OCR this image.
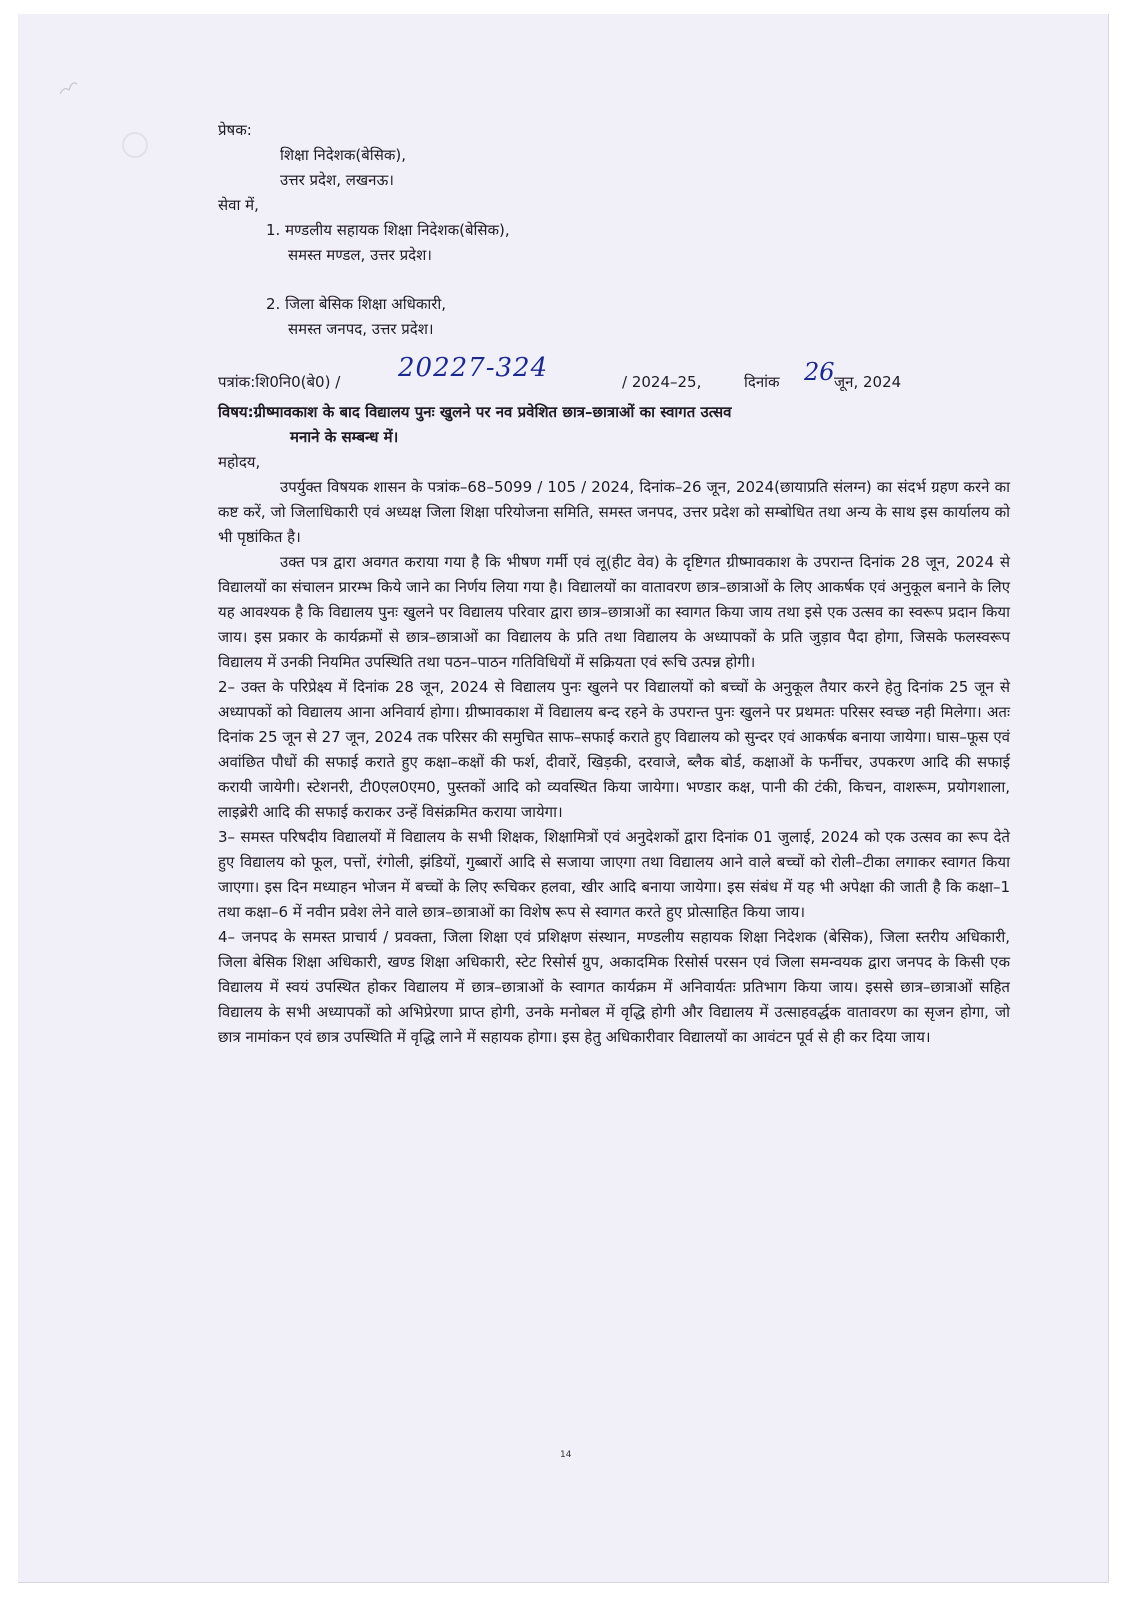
प्रेषक:
शिक्षा निदेशक(बेसिक),
उत्तर प्रदेश, लखनऊ।
सेवा में,
1. मण्डलीय सहायक शिक्षा निदेशक(बेसिक),
समस्त मण्डल, उत्तर प्रदेश।
2. जिला बेसिक शिक्षा अधिकारी,
समस्त जनपद, उत्तर प्रदेश।
पत्रांक:शि0नि0(बे0) / 20227-324	/ 2024–25,	दिनांक 26 जून, 2024
विषय:ग्रीष्मावकाश के बाद विद्यालय पुनः खुलने पर नव प्रवेशित छात्र–छात्राओं का स्वागत उत्सव
मनाने के सम्बन्ध में।
महोदय,
उपर्युक्त विषयक शासन के पत्रांक–68–5099 / 105 / 2024, दिनांक–26 जून, 2024(छायाप्रति संलग्न) का संदर्भ ग्रहण करने का कष्ट करें, जो जिलाधिकारी एवं अध्यक्ष जिला शिक्षा परियोजना समिति, समस्त जनपद, उत्तर प्रदेश को सम्बोधित तथा अन्य के साथ इस कार्यालय को भी पृष्ठांकित है।
उक्त पत्र द्वारा अवगत कराया गया है कि भीषण गर्मी एवं लू(हीट वेव) के दृष्टिगत ग्रीष्मावकाश के उपरान्त दिनांक 28 जून, 2024 से विद्यालयों का संचालन प्रारम्भ किये जाने का निर्णय लिया गया है। विद्यालयों का वातावरण छात्र–छात्राओं के लिए आकर्षक एवं अनुकूल बनाने के लिए यह आवश्यक है कि विद्यालय पुनः खुलने पर विद्यालय परिवार द्वारा छात्र–छात्राओं का स्वागत किया जाय तथा इसे एक उत्सव का स्वरूप प्रदान किया जाय। इस प्रकार के कार्यक्रमों से छात्र–छात्राओं का विद्यालय के प्रति तथा विद्यालय के अध्यापकों के प्रति जुड़ाव पैदा होगा, जिसके फलस्वरूप विद्यालय में उनकी नियमित उपस्थिति तथा पठन–पाठन गतिविधियों में सक्रियता एवं रूचि उत्पन्न होगी।
2– उक्त के परिप्रेक्ष्य में दिनांक 28 जून, 2024 से विद्यालय पुनः खुलने पर विद्यालयों को बच्चों के अनुकूल तैयार करने हेतु दिनांक 25 जून से अध्यापकों को विद्यालय आना अनिवार्य होगा। ग्रीष्मावकाश में विद्यालय बन्द रहने के उपरान्त पुनः खुलने पर प्रथमतः परिसर स्वच्छ नही मिलेगा। अतः दिनांक 25 जून से 27 जून, 2024 तक परिसर की समुचित साफ–सफाई कराते हुए विद्यालय को सुन्दर एवं आकर्षक बनाया जायेगा। घास–फूस एवं अवांछित पौधों की सफाई कराते हुए कक्षा–कक्षों की फर्श, दीवारें, खिड़की, दरवाजे, ब्लैक बोर्ड, कक्षाओं के फर्नीचर, उपकरण आदि की सफाई करायी जायेगी। स्टेशनरी, टी0एल0एम0, पुस्तकों आदि को व्यवस्थित किया जायेगा। भण्डार कक्ष, पानी की टंकी, किचन, वाशरूम, प्रयोगशाला, लाइब्रेरी आदि की सफाई कराकर उन्हें विसंक्रमित कराया जायेगा।
3– समस्त परिषदीय विद्यालयों में विद्यालय के सभी शिक्षक, शिक्षामित्रों एवं अनुदेशकों द्वारा दिनांक 01 जुलाई, 2024 को एक उत्सव का रूप देते हुए विद्यालय को फूल, पत्तों, रंगोली, झंडियों, गुब्बारों आदि से सजाया जाएगा तथा विद्यालय आने वाले बच्चों को रोली–टीका लगाकर स्वागत किया जाएगा। इस दिन मध्याहन भोजन में बच्चों के लिए रूचिकर हलवा, खीर आदि बनाया जायेगा। इस संबंध में यह भी अपेक्षा की जाती है कि कक्षा–1 तथा कक्षा–6 में नवीन प्रवेश लेने वाले छात्र–छात्राओं का विशेष रूप से स्वागत करते हुए प्रोत्साहित किया जाय।
4– जनपद के समस्त प्राचार्य / प्रवक्ता, जिला शिक्षा एवं प्रशिक्षण संस्थान, मण्डलीय सहायक शिक्षा निदेशक (बेसिक), जिला स्तरीय अधिकारी, जिला बेसिक शिक्षा अधिकारी, खण्ड शिक्षा अधिकारी, स्टेट रिसोर्स ग्रुप, अकादमिक रिसोर्स परसन एवं जिला समन्वयक द्वारा जनपद के किसी एक विद्यालय में स्वयं उपस्थित होकर विद्यालय में छात्र–छात्राओं के स्वागत कार्यक्रम में अनिवार्यतः प्रतिभाग किया जाय। इससे छात्र–छात्राओं सहित विद्यालय के सभी अध्यापकों को अभिप्रेरणा प्राप्त होगी, उनके मनोबल में वृद्धि होगी और विद्यालय में उत्साहवर्द्धक वातावरण का सृजन होगा, जो छात्र नामांकन एवं छात्र उपस्थिति में वृद्धि लाने में सहायक होगा। इस हेतु अधिकारीवार विद्यालयों का आवंटन पूर्व से ही कर दिया जाय।
14
